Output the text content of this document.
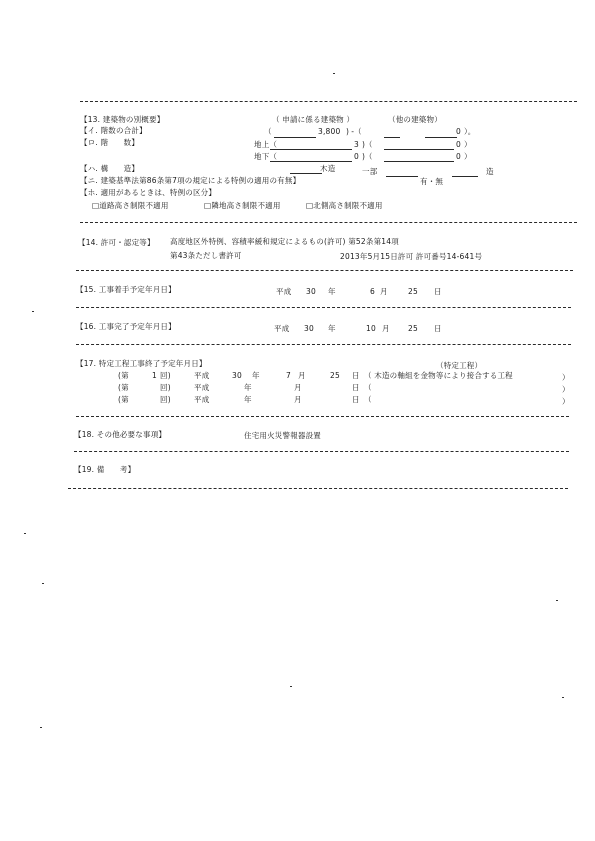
【13. 建築物の別概要】	（ 申請に係る建築物 ）	（他の建築物）
【イ. 階数の合計】	（	3,800 ) -（	0 ）。
【ロ. 階　　数】	地上（	3 )（	0 ）
地下（	0 )（	0 ）
【ハ. 構　　造】	木造	一部	造
【ニ. 建築基準法第86条第7項の規定による特例の適用の有無】	有・無
【ホ. 適用があるときは、特例の区分】
□道路高さ制限不適用	□隣地高さ制限不適用	□北側高さ制限不適用
【14. 許可・認定等】 高度地区外特例、容積率緩和規定によるもの(許可) 第52条第14項
第43条ただし書許可	2013年5月15日許可 許可番号14-641号
【15. 工事着手予定年月日】	平成 30 年	6 月	25 日
【16. 工事完了予定年月日】	平成 30 年	10 月 25 日
【17. 特定工程工事終了予定年月日】	（特定工程）
(第	1 回)	平成	30 年	7 月	25 日 （ 木造の軸組を金物等により接合する工程	）
(第	回)	平成	年	月	日 （	）
(第	回)	平成	年	月	日 （	）
【18. その他必要な事項】	住宅用火災警報器設置
【19. 備　　考】
